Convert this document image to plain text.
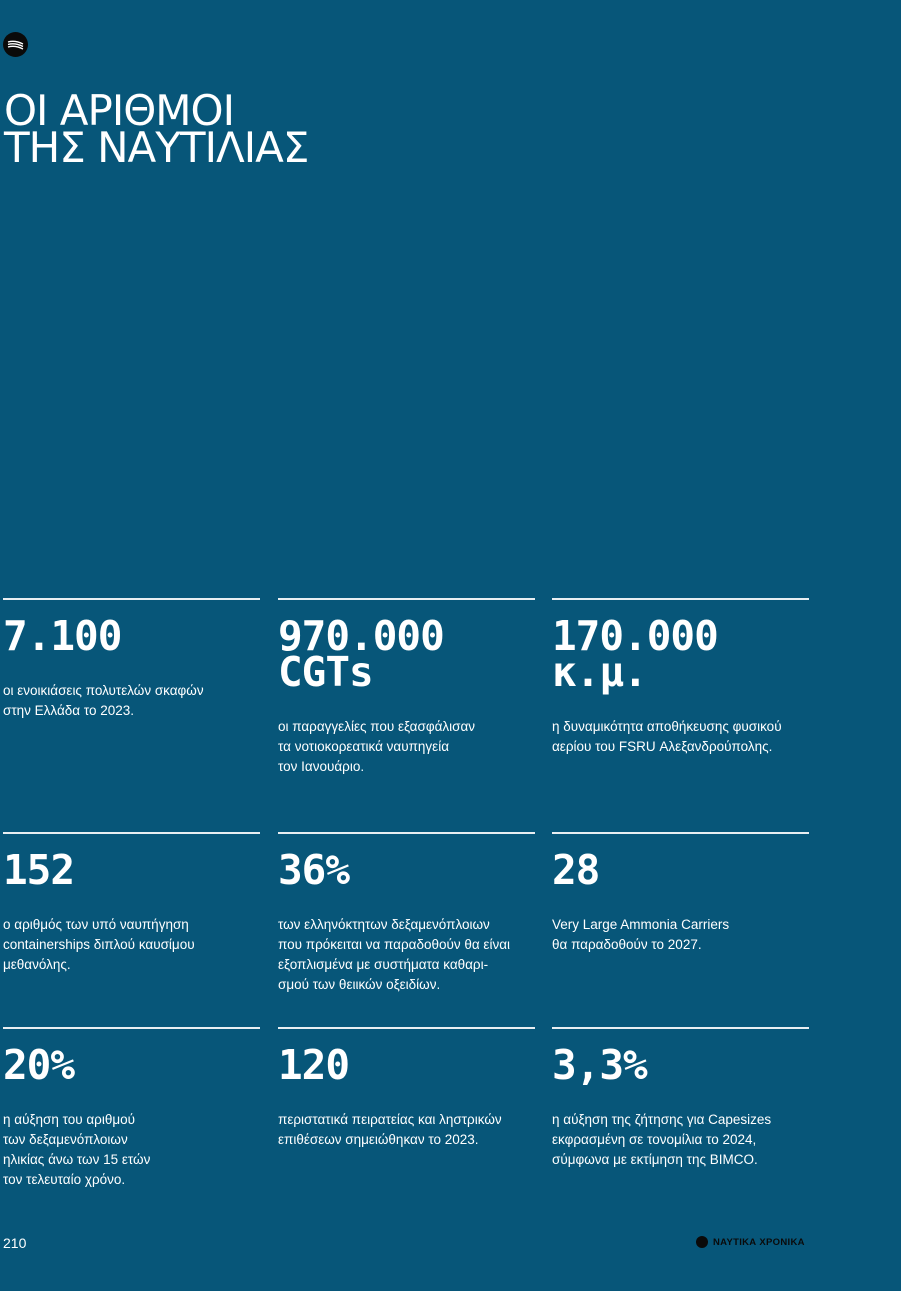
ΟΙ ΑΡΙΘΜΟΙ
ΤΗΣ ΝΑΥΤΙΛΙΑΣ
7.100
οι ενοικιάσεις πολυτελών σκαφών
στην Ελλάδα το 2023.
970.000
CGTs
οι παραγγελίες που εξασφάλισαν
τα νοτιοκορεατικά ναυπηγεία
τον Ιανουάριο.
170.000
κ.μ.
η δυναμικότητα αποθήκευσης φυσικού
αερίου του FSRU Αλεξανδρούπολης.
152
ο αριθμός των υπό ναυπήγηση
containerships διπλού καυσίμου
μεθανόλης.
36%
των ελληνόκτητων δεξαμενόπλοιων
που πρόκειται να παραδοθούν θα είναι
εξοπλισμένα με συστήματα καθαρι-
σμού των θειικών οξειδίων.
28
Very Large Ammonia Carriers
θα παραδοθούν το 2027.
20%
η αύξηση του αριθμού
των δεξαμενόπλοιων
ηλικίας άνω των 15 ετών
τον τελευταίο χρόνο.
120
περιστατικά πειρατείας και ληστρικών
επιθέσεων σημειώθηκαν το 2023.
3,3%
η αύξηση της ζήτησης για Capesizes
εκφρασμένη σε τονομίλια το 2024,
σύμφωνα με εκτίμηση της BIMCO.
210	ΝΑΥΤΙΚΑ ΧΡΟΝΙΚΑ
